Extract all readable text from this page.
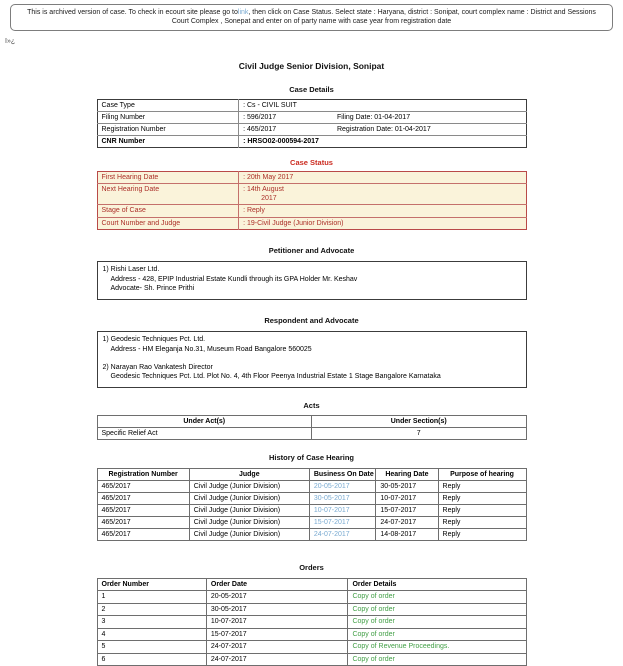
This is archived version of case. To check in ecourt site please go tolink, then click on Case Status. Select state : Haryana, district : Sonipat, court complex name : District and Sessions Court Complex , Sonepat and enter on of party name with case year from registration date
ï»¿
Civil Judge Senior Division, Sonipat
Case Details
Case Type	: Cs - CIVIL SUIT	
Filing Number	: 596/2017	Filing Date: 01-04-2017
Registration Number	: 465/2017	Registration Date: 01-04-2017
CNR Number	: HRSO02-000594-2017	
Case Status
First Hearing Date	: 20th May 2017
Next Hearing Date	: 14th August
2017

Stage of Case	: Reply
Court Number and Judge	: 19-Civil Judge (Junior Division)
Petitioner and Advocate
1) Rishi Laser Ltd.
Address - 428, EPIP Industrial Estate Kundli through its GPA Holder Mr. Keshav
Advocate- Sh. Prince Prithi
Respondent and Advocate
1) Geodesic Techniques Pct. Ltd.
Address - HM Eleganja No.31, Museum Road Bangalore 560025
2) Narayan Rao Vankatesh Director
Geodesic Techniques Pct. Ltd. Plot No. 4, 4th Floor Peenya Industrial Estate 1 Stage Bangalore Karnataka
Acts
Under Act(s)	Under Section(s)
Specific Relief Act	7
History of Case Hearing
Registration Number	Judge	Business On Date	Hearing Date	Purpose of hearing
465/2017	Civil Judge (Junior Division)	20-05-2017	30-05-2017	Reply
465/2017	Civil Judge (Junior Division)	30-05-2017	10-07-2017	Reply
465/2017	Civil Judge (Junior Division)	10-07-2017	15-07-2017	Reply
465/2017	Civil Judge (Junior Division)	15-07-2017	24-07-2017	Reply
465/2017	Civil Judge (Junior Division)	24-07-2017	14-08-2017	Reply
Orders
Order Number	Order Date	Order Details
1	20-05-2017	Copy of order
2	30-05-2017	Copy of order
3	10-07-2017	Copy of order
4	15-07-2017	Copy of order
5	24-07-2017	Copy of Revenue Proceedings.
6	24-07-2017	Copy of order
